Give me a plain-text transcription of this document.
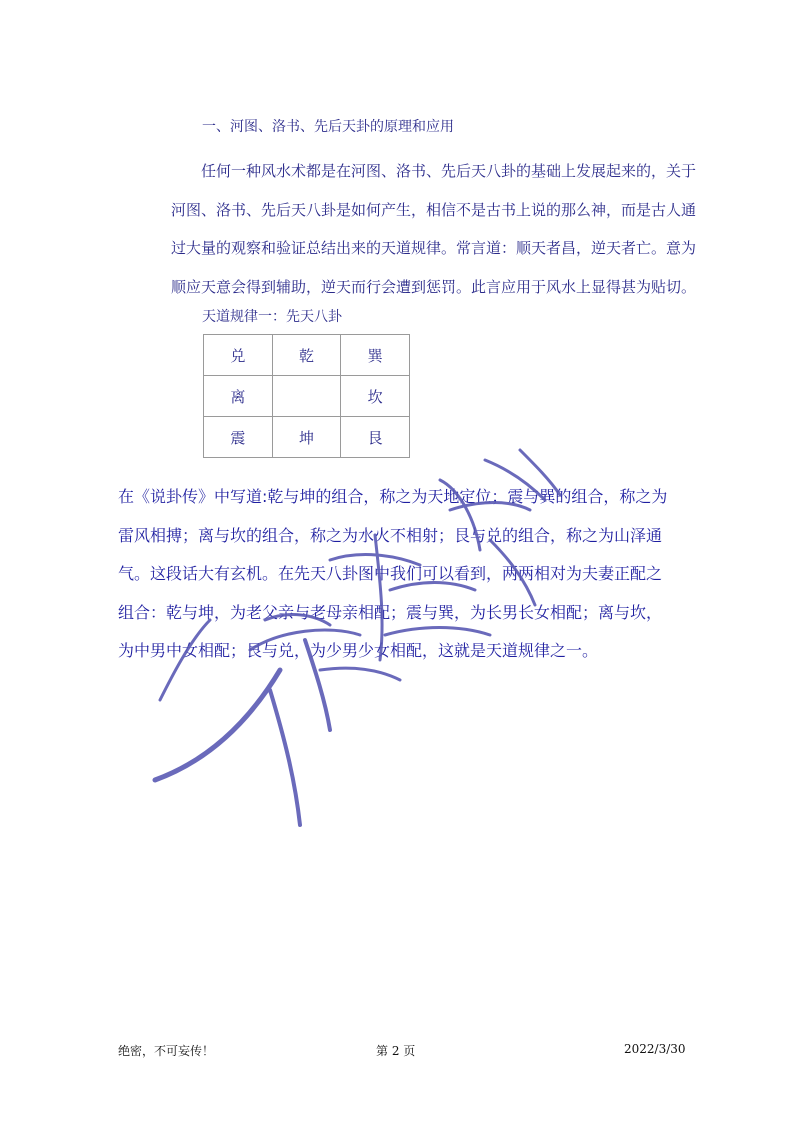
一、河图、洛书、先后天卦的原理和应用
任何一种风水术都是在河图、洛书、先后天八卦的基础上发展起来的，关于
河图、洛书、先后天八卦是如何产生，相信不是古书上说的那么神，而是古人通
过大量的观察和验证总结出来的天道规律。常言道：顺天者昌，逆天者亡。意为
顺应天意会得到辅助，逆天而行会遭到惩罚。此言应用于风水上显得甚为贴切。
天道规律一：先天八卦
兑	乾	巽
离		坎
震	坤	艮
在《说卦传》中写道:乾与坤的组合，称之为天地定位；震与巽的组合，称之为
雷风相搏；离与坎的组合，称之为水火不相射；艮与兑的组合，称之为山泽通
气。这段话大有玄机。在先天八卦图中我们可以看到，两两相对为夫妻正配之
组合：乾与坤，为老父亲与老母亲相配；震与巽，为长男长女相配；离与坎，
为中男中女相配；艮与兑，为少男少女相配，这就是天道规律之一。
绝密，不可妄传！	第 2 页	2022/3/30
